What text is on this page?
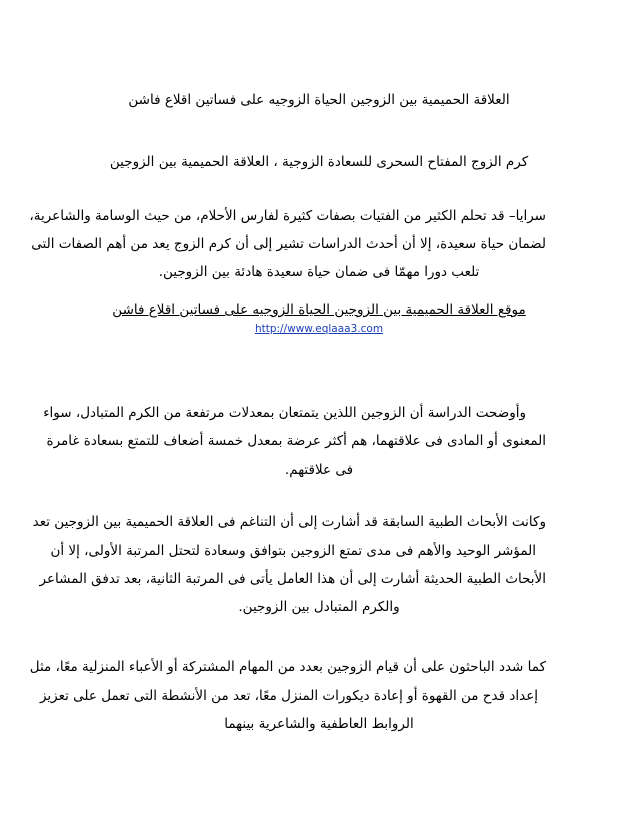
العلاقة الحميمية بين الزوجين الحياة الزوجيه على فساتين اقلاع فاشن
كرم الزوج المفتاح السحرى للسعادة الزوجية ، العلاقة الحميمية بين الزوجين
سرايا– قد تحلم الكثير من الفتيات بصفات كثيرة لفارس الأحلام، من حيث الوسامة والشاعرية،
لضمان حياة سعيدة، إلا أن أحدث الدراسات تشير إلى أن كرم الزوج يعد من أهم الصفات التى
تلعب دورا مهمّا فى ضمان حياة سعيدة هادئة بين الزوجين.
موقع العلاقة الحميمية بين الزوجين الحياة الزوجيه على فساتين اقلاع فاشن
http://www.eqlaaa3.com
وأوضحت الدراسة أن الزوجين اللذين يتمتعان بمعدلات مرتفعة من الكرم المتبادل، سواء
المعنوى أو المادى فى علاقتهما، هم أكثر عرضة بمعدل خمسة أضعاف للتمتع بسعادة غامرة
فى علاقتهم.
وكانت الأبحاث الطبية السابقة قد أشارت إلى أن التناغم فى العلاقة الحميمية بين الزوجين تعد
المؤشر الوحيد والأهم فى مدى تمتع الزوجين بتوافق وسعادة لتحتل المرتبة الأولى، إلا أن
الأبحاث الطبية الحديثة أشارت إلى أن هذا العامل يأتى فى المرتبة الثانية، بعد تدفق المشاعر
والكرم المتبادل بين الزوجين.
كما شدد الباحثون على أن قيام الزوجين بعدد من المهام المشتركة أو الأعباء المنزلية معًا، مثل
إعداد قدح من القهوة أو إعادة ديكورات المنزل معًا، تعد من الأنشطة التى تعمل على تعزيز
الروابط العاطفية والشاعرية بينهما
